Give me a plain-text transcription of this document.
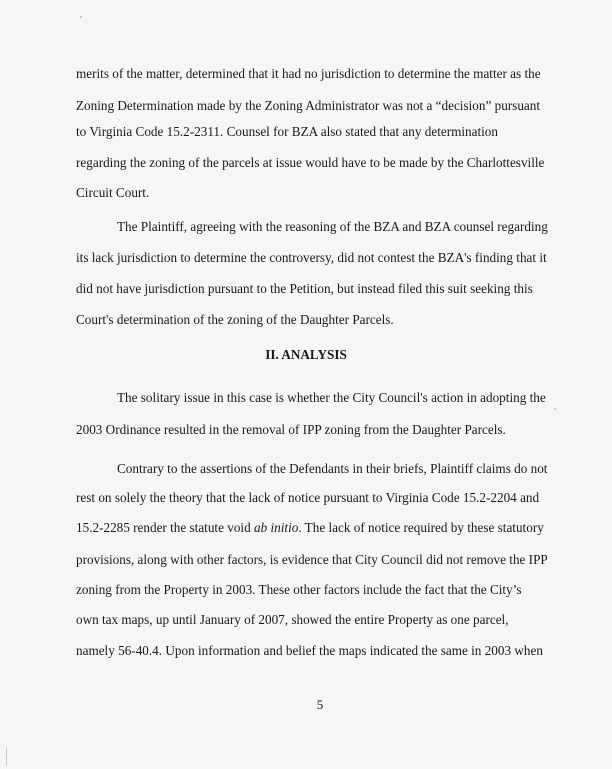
merits of the matter, determined that it had no jurisdiction to determine the matter as the
Zoning Determination made by the Zoning Administrator was not a “decision” pursuant
to Virginia Code 15.2-2311. Counsel for BZA also stated that any determination
regarding the zoning of the parcels at issue would have to be made by the Charlottesville
Circuit Court.
The Plaintiff, agreeing with the reasoning of the BZA and BZA counsel regarding
its lack jurisdiction to determine the controversy, did not contest the BZA's finding that it
did not have jurisdiction pursuant to the Petition, but instead filed this suit seeking this
Court's determination of the zoning of the Daughter Parcels.
II. ANALYSIS
The solitary issue in this case is whether the City Council's action in adopting the
2003 Ordinance resulted in the removal of IPP zoning from the Daughter Parcels.
Contrary to the assertions of the Defendants in their briefs, Plaintiff claims do not
rest on solely the theory that the lack of notice pursuant to Virginia Code 15.2-2204 and
15.2-2285 render the statute void ab initio. The lack of notice required by these statutory
provisions, along with other factors, is evidence that City Council did not remove the IPP
zoning from the Property in 2003. These other factors include the fact that the City’s
own tax maps, up until January of 2007, showed the entire Property as one parcel,
namely 56-40.4. Upon information and belief the maps indicated the same in 2003 when
5
